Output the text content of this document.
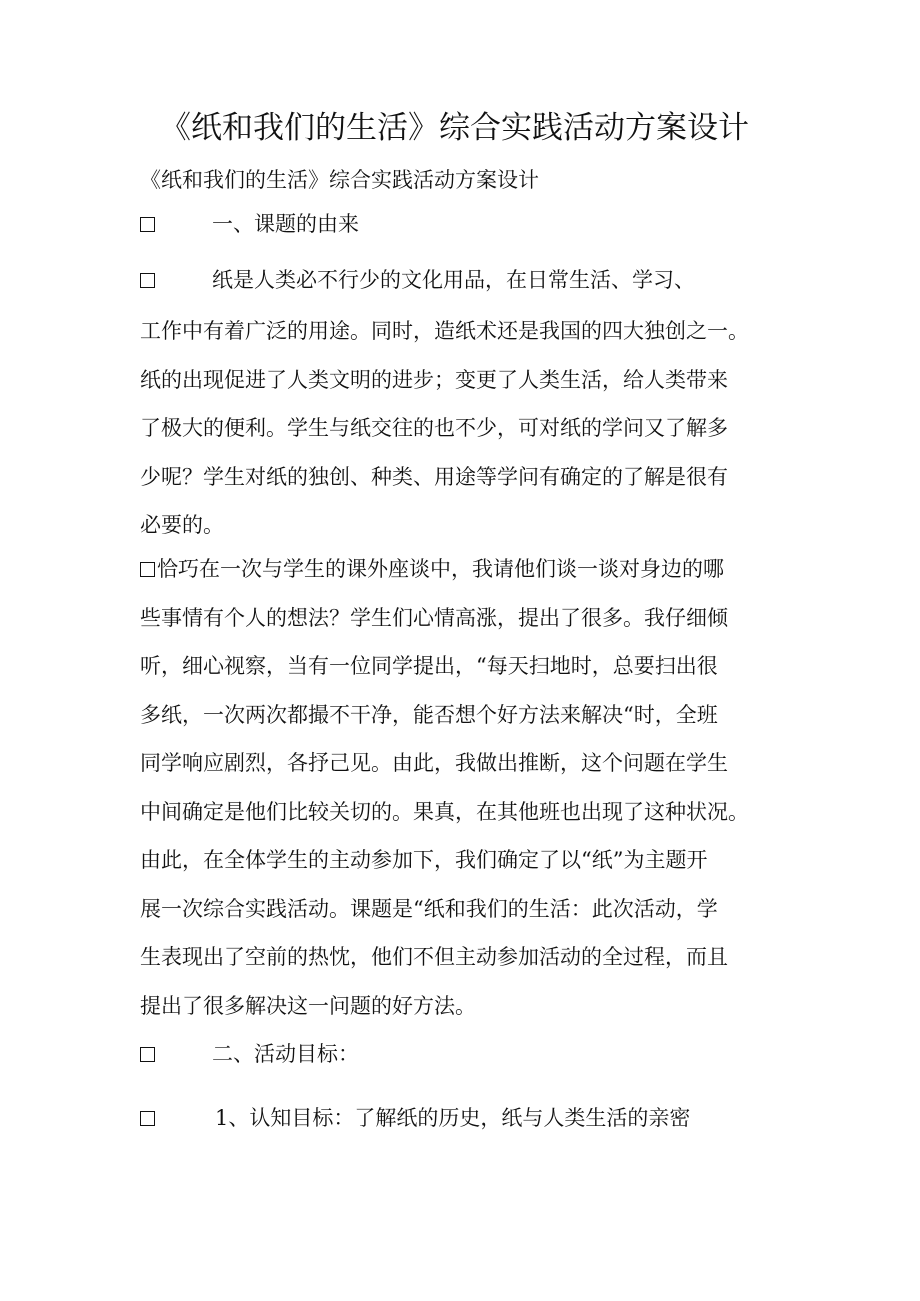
《纸和我们的生活》综合实践活动方案设计
《纸和我们的生活》综合实践活动方案设计
一、课题的由来
纸是人类必不行少的文化用品，在日常生活、学习、
工作中有着广泛的用途。同时，造纸术还是我国的四大独创之一。
纸的出现促进了人类文明的进步；变更了人类生活，给人类带来
了极大的便利。学生与纸交往的也不少，可对纸的学问又了解多
少呢？学生对纸的独创、种类、用途等学问有确定的了解是很有
必要的。
恰巧在一次与学生的课外座谈中，我请他们谈一谈对身边的哪
些事情有个人的想法？学生们心情高涨，提出了很多。我仔细倾
听，细心视察，当有一位同学提出，“每天扫地时，总要扫出很
多纸，一次两次都撮不干净，能否想个好方法来解决“时，全班
同学响应剧烈，各抒己见。由此，我做出推断，这个问题在学生
中间确定是他们比较关切的。果真，在其他班也出现了这种状况。
由此，在全体学生的主动参加下，我们确定了以“纸”为主题开
展一次综合实践活动。课题是“纸和我们的生活：此次活动，学
生表现出了空前的热忱，他们不但主动参加活动的全过程，而且
提出了很多解决这一问题的好方法。
二、活动目标：
1、认知目标：了解纸的历史，纸与人类生活的亲密
